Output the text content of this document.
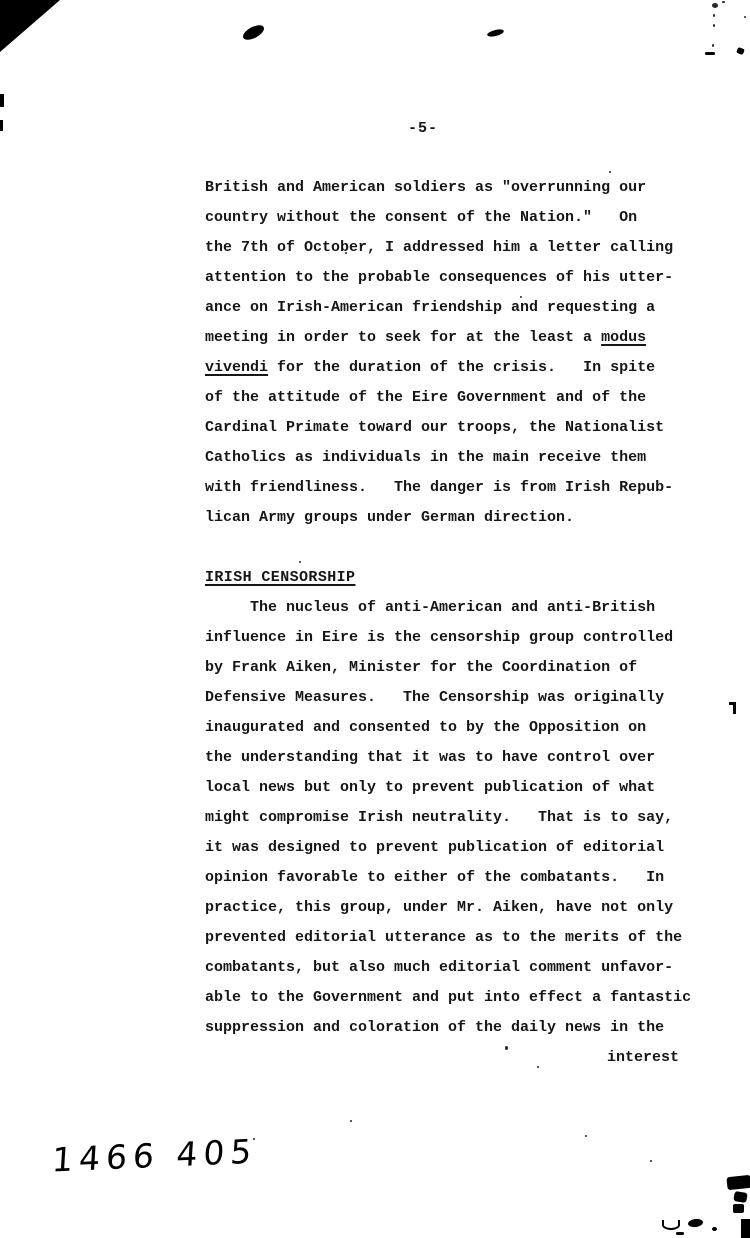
-5-
British and American soldiers as "overrunning our
country without the consent of the Nation."   On
the 7th of October, I addressed him a letter calling
attention to the probable consequences of his utter-
ance on Irish-American friendship and requesting a
meeting in order to seek for at the least a modus
vivendi for the duration of the crisis.   In spite
of the attitude of the Eire Government and of the
Cardinal Primate toward our troops, the Nationalist
Catholics as individuals in the main receive them
with friendliness.   The danger is from Irish Repub-
lican Army groups under German direction.

IRISH CENSORSHIP
The nucleus of anti-American and anti-British
influence in Eire is the censorship group controlled
by Frank Aiken, Minister for the Coordination of
Defensive Measures.   The Censorship was originally
inaugurated and consented to by the Opposition on
the understanding that it was to have control over
local news but only to prevent publication of what
might compromise Irish neutrality.   That is to say,
it was designed to prevent publication of editorial
opinion favorable to either of the combatants.   In
practice, this group, under Mr. Aiken, have not only
prevented editorial utterance as to the merits of the
combatants, but also much editorial comment unfavor-
able to the Government and put into effect a fantastic
suppression and coloration of the daily news in the
interest
1466 405
